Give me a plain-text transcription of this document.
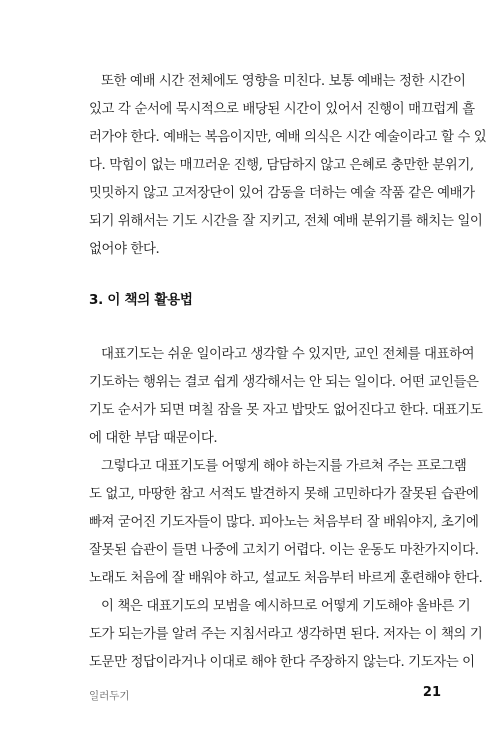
또한 예배 시간 전체에도 영향을 미친다. 보통 예배는 정한 시간이
있고 각 순서에 묵시적으로 배당된 시간이 있어서 진행이 매끄럽게 흘
러가야 한다. 예배는 복음이지만, 예배 의식은 시간 예술이라고 할 수 있
다. 막힘이 없는 매끄러운 진행, 담담하지 않고 은혜로 충만한 분위기,
밋밋하지 않고 고저장단이 있어 감동을 더하는 예술 작품 같은 예배가
되기 위해서는 기도 시간을 잘 지키고, 전체 예배 분위기를 해치는 일이
없어야 한다.
3. 이 책의 활용법
대표기도는 쉬운 일이라고 생각할 수 있지만, 교인 전체를 대표하여
기도하는 행위는 결코 쉽게 생각해서는 안 되는 일이다. 어떤 교인들은
기도 순서가 되면 며칠 잠을 못 자고 밥맛도 없어진다고 한다. 대표기도
에 대한 부담 때문이다.
그렇다고 대표기도를 어떻게 해야 하는지를 가르쳐 주는 프로그램
도 없고, 마땅한 참고 서적도 발견하지 못해 고민하다가 잘못된 습관에
빠져 굳어진 기도자들이 많다. 피아노는 처음부터 잘 배워야지, 초기에
잘못된 습관이 들면 나중에 고치기 어렵다. 이는 운동도 마찬가지이다.
노래도 처음에 잘 배워야 하고, 설교도 처음부터 바르게 훈련해야 한다.
이 책은 대표기도의 모범을 예시하므로 어떻게 기도해야 올바른 기
도가 되는가를 알려 주는 지침서라고 생각하면 된다. 저자는 이 책의 기
도문만 정답이라거나 이대로 해야 한다 주장하지 않는다. 기도자는 이
일러두기	21
